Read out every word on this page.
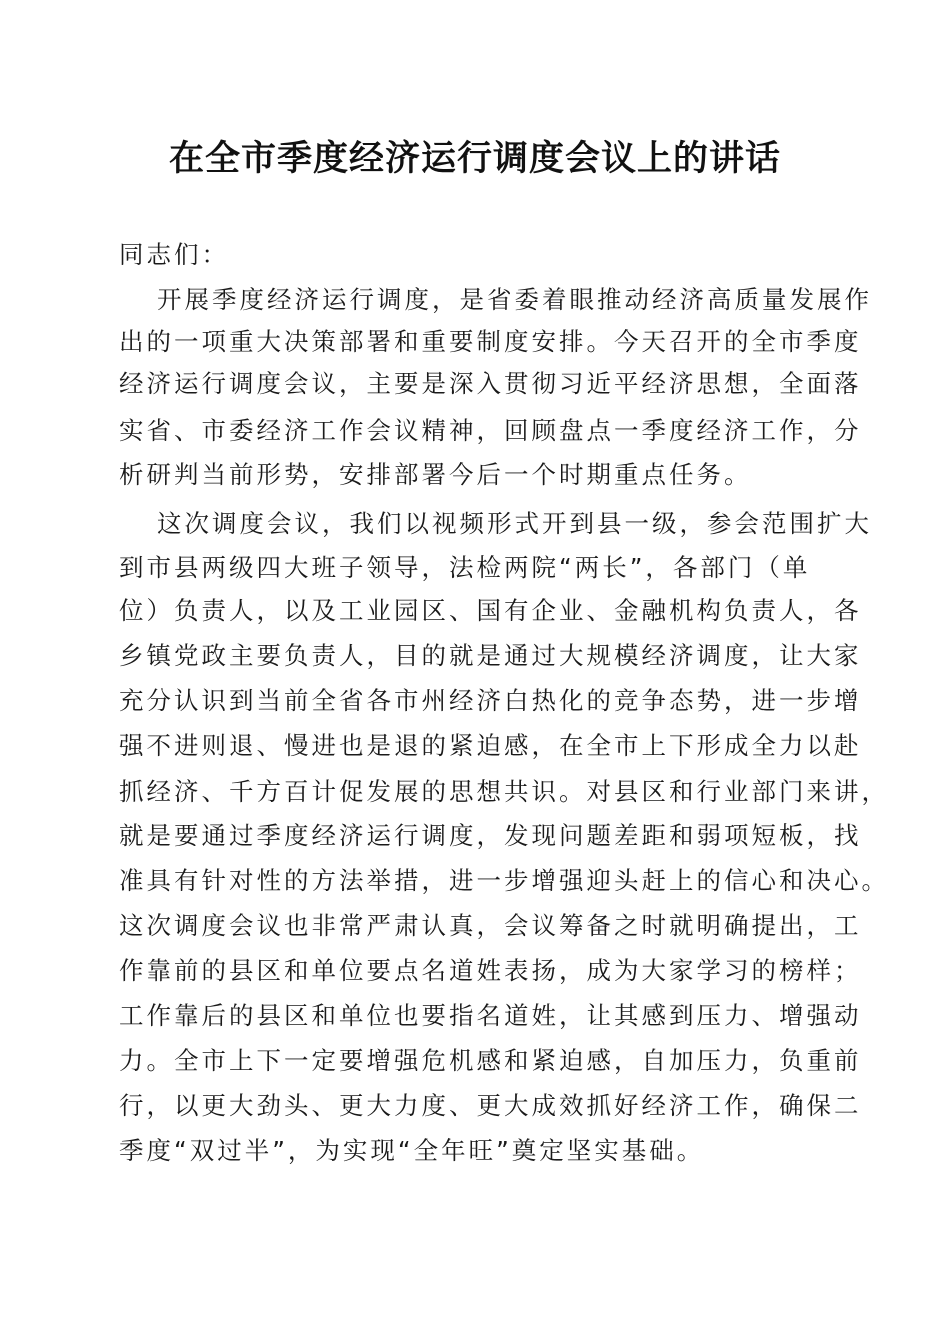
在全市季度经济运行调度会议上的讲话
同志们：
开展季度经济运行调度，是省委着眼推动经济高质量发展作
出的一项重大决策部署和重要制度安排。今天召开的全市季度
经济运行调度会议，主要是深入贯彻习近平经济思想，全面落
实省、市委经济工作会议精神，回顾盘点一季度经济工作，分
析研判当前形势，安排部署今后一个时期重点任务。
这次调度会议，我们以视频形式开到县一级，参会范围扩大
到市县两级四大班子领导，法检两院“两长”，各部门（单
位）负责人，以及工业园区、国有企业、金融机构负责人，各
乡镇党政主要负责人，目的就是通过大规模经济调度，让大家
充分认识到当前全省各市州经济白热化的竞争态势，进一步增
强不进则退、慢进也是退的紧迫感，在全市上下形成全力以赴
抓经济、千方百计促发展的思想共识。对县区和行业部门来讲，
就是要通过季度经济运行调度，发现问题差距和弱项短板，找
准具有针对性的方法举措，进一步增强迎头赶上的信心和决心。
这次调度会议也非常严肃认真，会议筹备之时就明确提出，工
作靠前的县区和单位要点名道姓表扬，成为大家学习的榜样；
工作靠后的县区和单位也要指名道姓，让其感到压力、增强动
力。全市上下一定要增强危机感和紧迫感，自加压力，负重前
行，以更大劲头、更大力度、更大成效抓好经济工作，确保二
季度“双过半”，为实现“全年旺”奠定坚实基础。
